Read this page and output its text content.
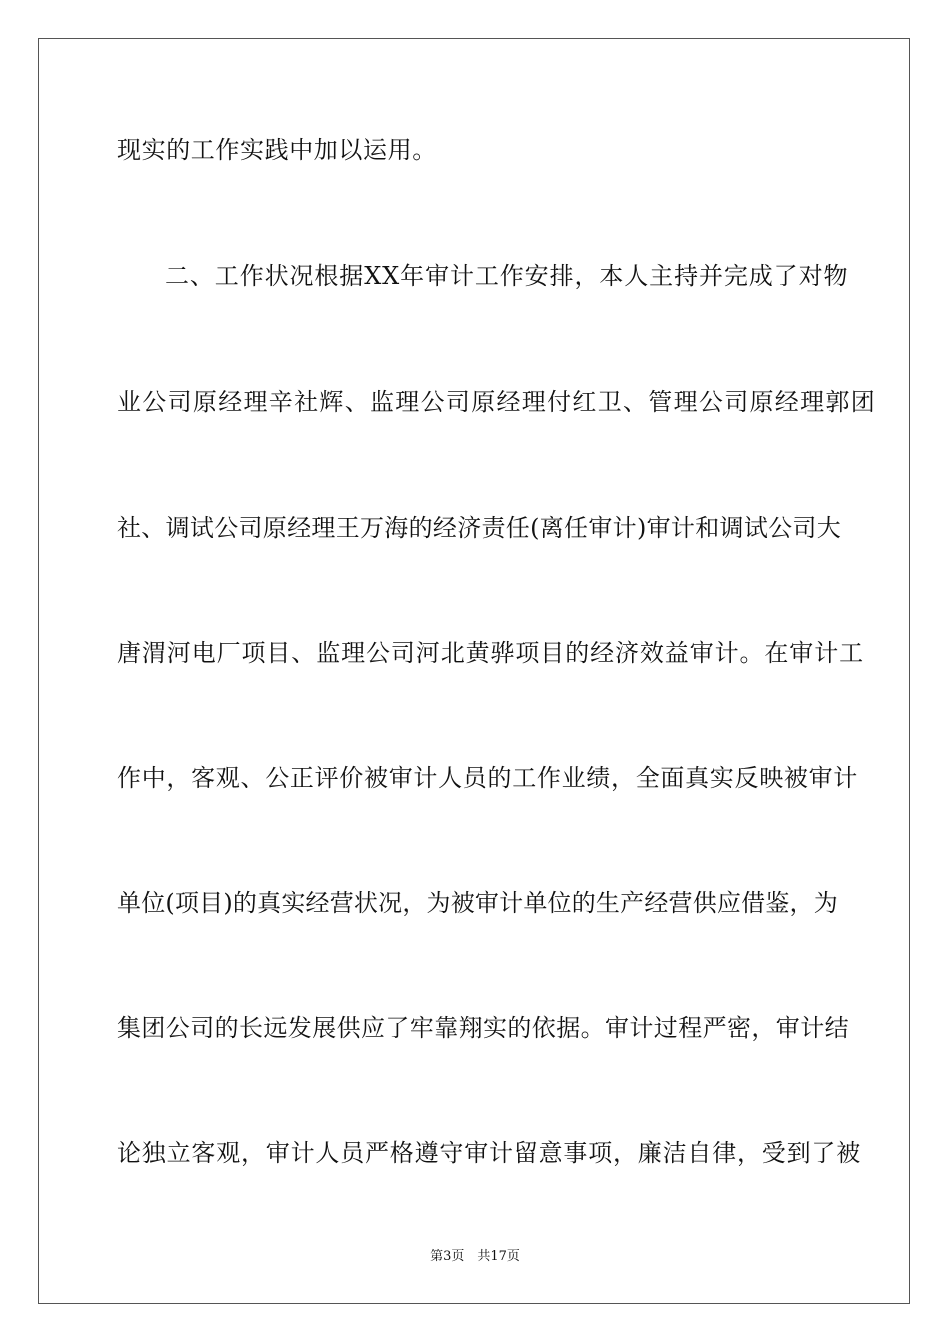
现实的工作实践中加以运用。
二、工作状况根据XX年审计工作安排，本人主持并完成了对物
业公司原经理辛社辉、监理公司原经理付红卫、管理公司原经理郭团
社、调试公司原经理王万海的经济责任(离任审计)审计和调试公司大
唐渭河电厂项目、监理公司河北黄骅项目的经济效益审计。在审计工
作中，客观、公正评价被审计人员的工作业绩，全面真实反映被审计
单位(项目)的真实经营状况，为被审计单位的生产经营供应借鉴，为
集团公司的长远发展供应了牢靠翔实的依据。审计过程严密，审计结
论独立客观，审计人员严格遵守审计留意事项，廉洁自律，受到了被
第3页　共17页
